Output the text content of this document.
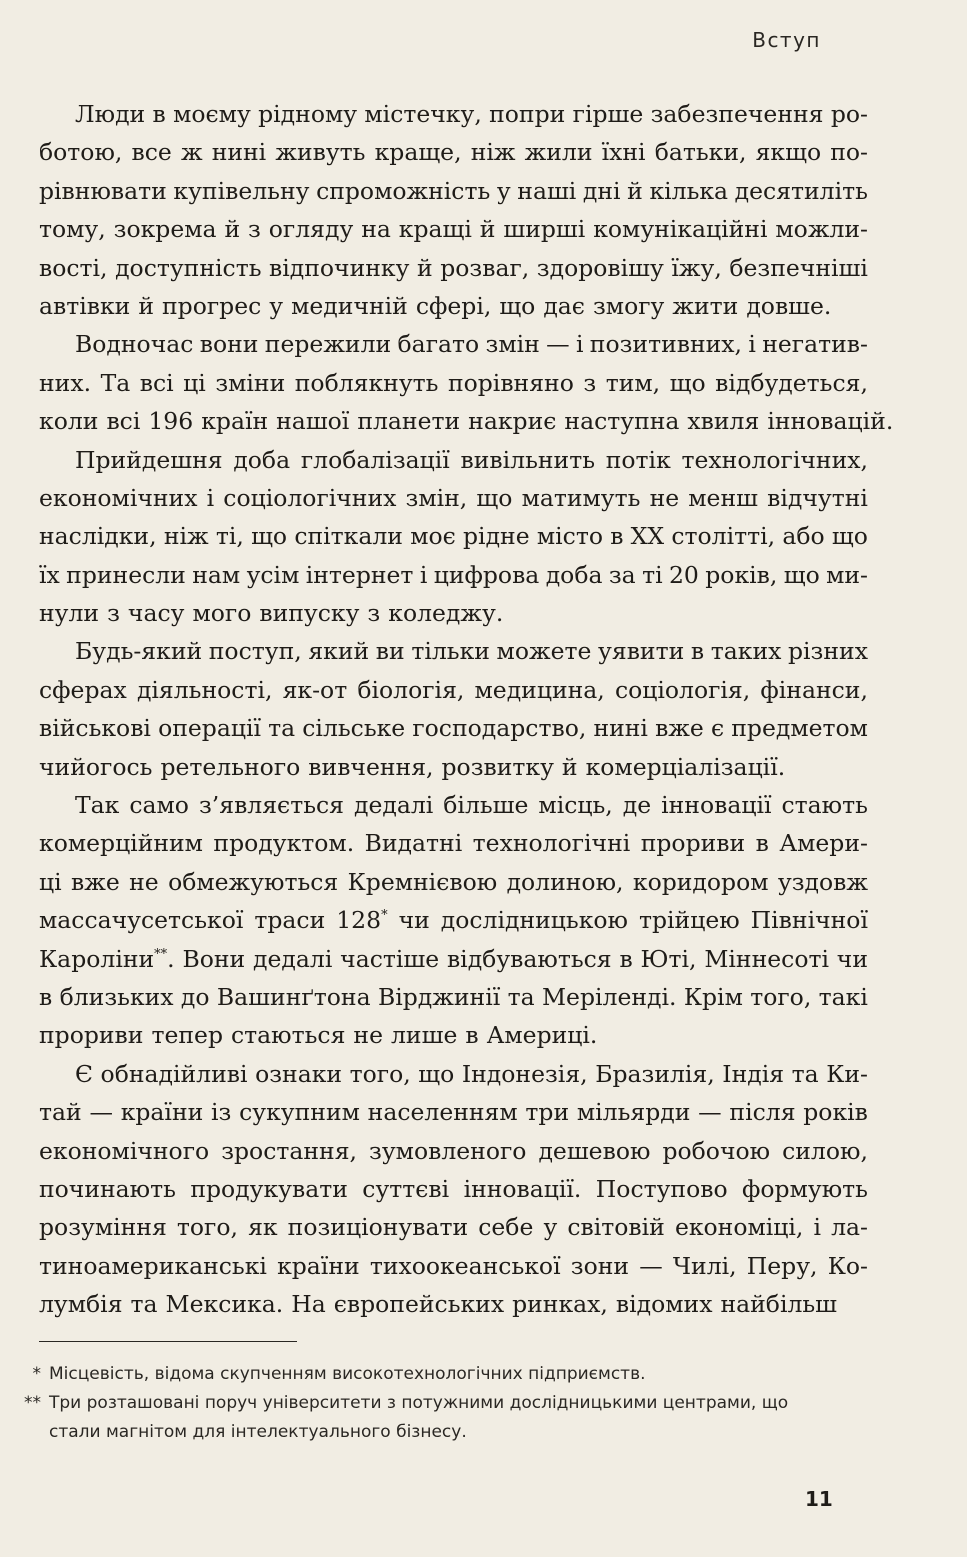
Вступ
Люди в моєму рідному містечку, попри гірше забезпечення ро-
ботою, все ж нині живуть краще, ніж жили їхні батьки, якщо по-
рівнювати купівельну спроможність у наші дні й кілька десятиліть
тому, зокрема й з огляду на кращі й ширші комунікаційні можли-
вості, доступність відпочинку й розваг, здоровішу їжу, безпечніші
автівки й прогрес у медичній сфері, що дає змогу жити довше.
Водночас вони пережили багато змін — і позитивних, і негатив-
них. Та всі ці зміни поблякнуть порівняно з тим, що відбудеться,
коли всі 196 країн нашої планети накриє наступна хвиля інновацій.
Прийдешня доба глобалізації вивільнить потік технологічних,
економічних і соціологічних змін, що матимуть не менш відчутні
наслідки, ніж ті, що спіткали моє рідне місто в ХХ столітті, або що
їх принесли нам усім інтернет і цифрова доба за ті 20 років, що ми-
нули з часу мого випуску з коледжу.
Будь-який поступ, який ви тільки можете уявити в таких різних
сферах діяльності, як-от біологія, медицина, соціологія, фінанси,
військові операції та сільське господарство, нині вже є предметом
чийогось ретельного вивчення, розвитку й комерціалізації.
Так само з’являється дедалі більше місць, де інновації стають
комерційним продуктом. Видатні технологічні прориви в Амери-
ці вже не обмежуються Кремнієвою долиною, коридором уздовж
массачусетської траси 128* чи дослідницькою трійцею Північної
Кароліни**. Вони дедалі частіше відбуваються в Юті, Міннесоті чи
в близьких до Вашинґтона Вірджинії та Меріленді. Крім того, такі
прориви тепер стаються не лише в Америці.
Є обнадійливі ознаки того, що Індонезія, Бразилія, Індія та Ки-
тай — країни із сукупним населенням три мільярди — після років
економічного зростання, зумовленого дешевою робочою силою,
починають продукувати суттєві інновації. Поступово формують
розуміння того, як позиціонувати себе у світовій економіці, і ла-
тиноамериканські країни тихоокеанської зони — Чилі, Перу, Ко-
лумбія та Мексика. На європейських ринках, відомих найбільш
* Місцевість, відома скупченням високотехнологічних підприємств.
** Три розташовані поруч університети з потужними дослідницькими центрами, що
стали магнітом для інтелектуального бізнесу.
11
